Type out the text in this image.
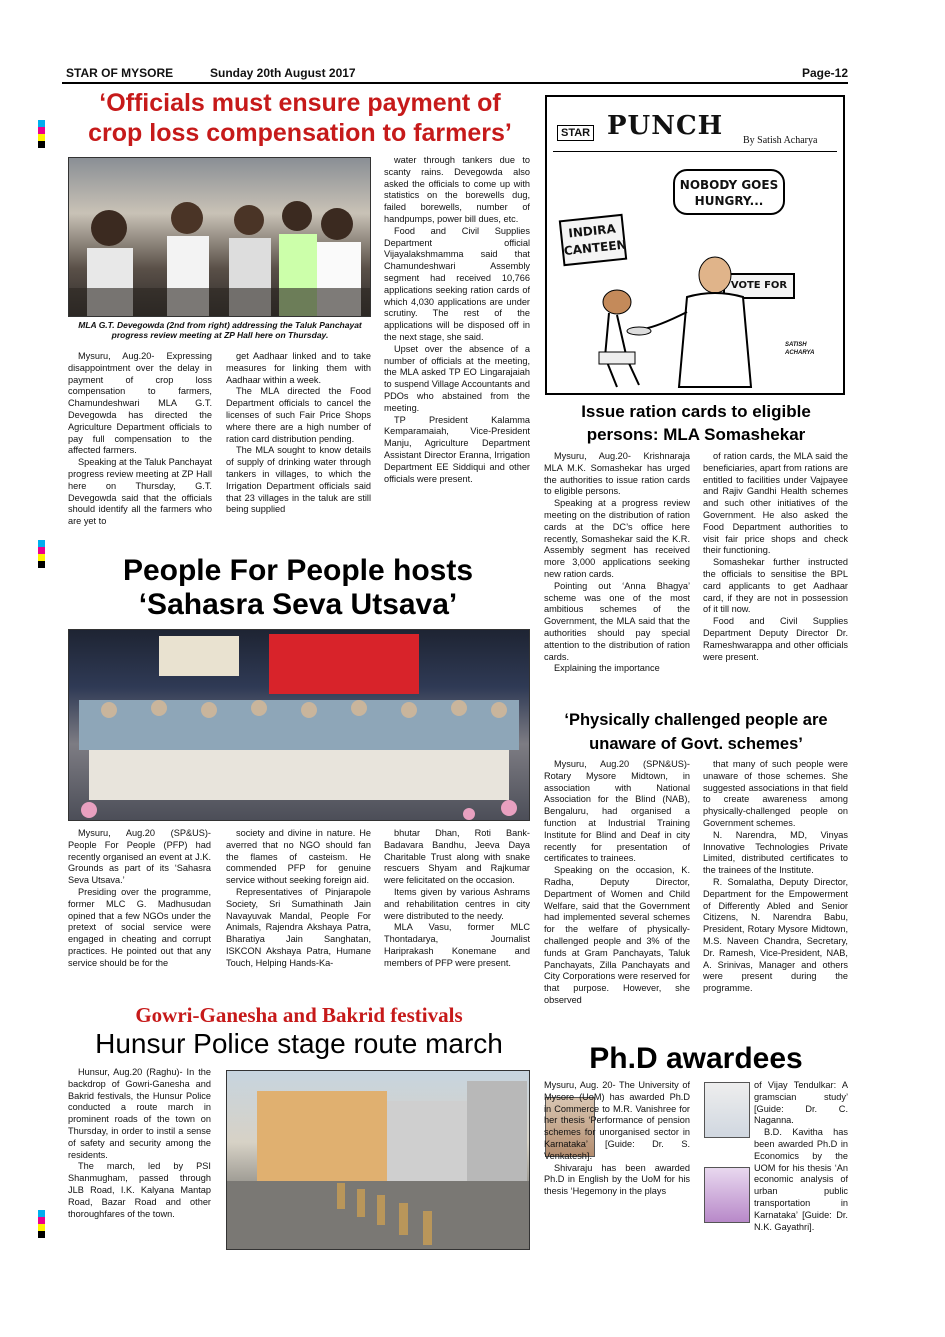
STAR OF MYSORE	Sunday 20th August 2017	Page-12
‘Officials must ensure payment of
crop loss compensation to farmers’
MLA G.T. Devegowda (2nd from right) addressing the Taluk Panchayat
progress review meeting at ZP Hall here on Thursday.

Mysuru, Aug.20- Expressing disappointment over the delay in payment of crop loss compensation to farmers, Chamundeshwari MLA G.T. Devegowda has directed the Agriculture Department officials to pay full compensation to the affected farmers.

Speaking at the Taluk Panchayat progress review meeting at ZP Hall here on Thursday, G.T. Devegowda said that the officials should identify all the farmers who are yet to

get Aadhaar linked and to take measures for linking them with Aadhaar within a week.

The MLA directed the Food Department officials to cancel the licenses of such Fair Price Shops where there are a high number of ration card distribution pending.

The MLA sought to know details of supply of drinking water through tankers in villages, to which the Irrigation Department officials said that 23 villages in the taluk are still being supplied

water through tankers due to scanty rains. Devegowda also asked the officials to come up with statistics on the borewells dug, failed borewells, number of handpumps, power bill dues, etc.

Food and Civil Supplies Department official Vijayalakshmamma said that Chamundeshwari Assembly segment had received 10,766 applications seeking ration cards of which 4,030 applications are under scrutiny. The rest of the applications will be disposed off in the next stage, she said.

Upset over the absence of a number of officials at the meeting, the MLA asked TP EO Lingarajaiah to suspend Village Accountants and PDOs who abstained from the meeting.

TP President Kalamma Kemparamaiah, Vice-President Manju, Agriculture Department Assistant Director Eranna, Irrigation Department EE Siddiqui and other officials were present.

STAR PUNCH By Satish Acharya
NOBODY GOES HUNGRY...
INDIRA CANTEEN
VOTE FOR
SATISH ACHARYA
Issue ration cards to eligible
persons: MLA Somashekar

Mysuru, Aug.20- Krishnaraja MLA M.K. Somashekar has urged the authorities to issue ration cards to eligible persons.

Speaking at a progress review meeting on the distribution of ration cards at the DC’s office here recently, Somashekar said the K.R. Assembly segment has received more 3,000 applications seeking new ration cards.

Pointing out ‘Anna Bhagya’ scheme was one of the most ambitious schemes of the Government, the MLA said that the authorities should pay special attention to the distribution of ration cards.

Explaining the importance

of ration cards, the MLA said the beneficiaries, apart from rations are entitled to facilities under Vajpayee and Rajiv Gandhi Health schemes and such other initiatives of the Government. He also asked the Food Department authorities to visit fair price shops and check their functioning.

Somashekar further instructed the officials to sensitise the BPL card applicants to get Aadhaar card, if they are not in possession of it till now.

Food and Civil Supplies Department Deputy Director Dr. Rameshwarappa and other officials were present.

People For People hosts
‘Sahasra Seva Utsava’

Mysuru, Aug.20 (SP&US)- People For People (PFP) had recently organised an event at J.K. Grounds as part of its ‘Sahasra Seva Utsava.’

Presiding over the programme, former MLC G. Madhusudan opined that a few NGOs under the pretext of social service were engaged in cheating and corrupt practices. He pointed out that any service should be for the

society and divine in nature. He averred that no NGO should fan the flames of casteism. He commended PFP for genuine service without seeking foreign aid.

Representatives of Pinjarapole Society, Sri Sumathinath Jain Navayuvak Mandal, People For Animals, Rajendra Akshaya Patra, Bharatiya Jain Sanghatan, ISKCON Akshaya Patra, Humane Touch, Helping Hands-Ka-

bhutar Dhan, Roti Bank- Badavara Bandhu, Jeeva Daya Charitable Trust along with snake rescuers Shyam and Rajkumar were felicitated on the occasion.

Items given by various Ashrams and rehabilitation centres in city were distributed to the needy.

MLA Vasu, former MLC Thontadarya, Journalist Hariprakash Konemane and members of PFP were present.

‘Physically challenged people are
unaware of Govt. schemes’

Mysuru, Aug.20 (SPN&US)- Rotary Mysore Midtown, in association with National Association for the Blind (NAB), Bengaluru, had organised a function at Industrial Training Institute for Blind and Deaf in city recently for presentation of certificates to trainees.

Speaking on the occasion, K. Radha, Deputy Director, Department of Women and Child Welfare, said that the Government had implemented several schemes for the welfare of physically-challenged people and 3% of the funds at Gram Panchayats, Taluk Panchayats, Zilla Panchayats and City Corporations were reserved for that purpose. However, she observed

that many of such people were unaware of those schemes. She suggested associations in that field to create awareness among physically-challenged people on Government schemes.

N. Narendra, MD, Vinyas Innovative Technologies Private Limited, distributed certificates to the trainees of the Institute.

R. Somalatha, Deputy Director, Department for the Empowerment of Differently Abled and Senior Citizens, N. Narendra Babu, President, Rotary Mysore Midtown, M.S. Naveen Chandra, Secretary, Dr. Ramesh, Vice-President, NAB, A. Srinivas, Manager and others were present during the programme.

Gowri-Ganesha and Bakrid festivals
Hunsur Police stage route march

Hunsur, Aug.20 (Raghu)- In the backdrop of Gowri-Ganesha and Bakrid festivals, the Hunsur Police conducted a route march in prominent roads of the town on Thursday, in order to instil a sense of safety and security among the residents.

The march, led by PSI Shanmugham, passed through JLB Road, I.K. Kalyana Mantap Road, Bazar Road and other thoroughfares of the town.

Ph.D awardees

Mysuru, Aug. 20- The University of Mysore (UoM) has awarded Ph.D in Commerce to M.R. Vanishree for her thesis ‘Performance of pension schemes for unorganised sector in Karnataka’ [Guide: Dr. S. Venkatesh].

Shivaraju has been awarded Ph.D in English by the UoM for his thesis ‘Hegemony in the plays

of Vijay Tendulkar: A gramscian study’ [Guide: Dr. C. Naganna.

B.D. Kavitha has been awarded Ph.D in Economics by the UOM for his thesis ‘An economic analysis of urban public transportation in Karnataka’ [Guide: Dr. N.K. Gayathri].
